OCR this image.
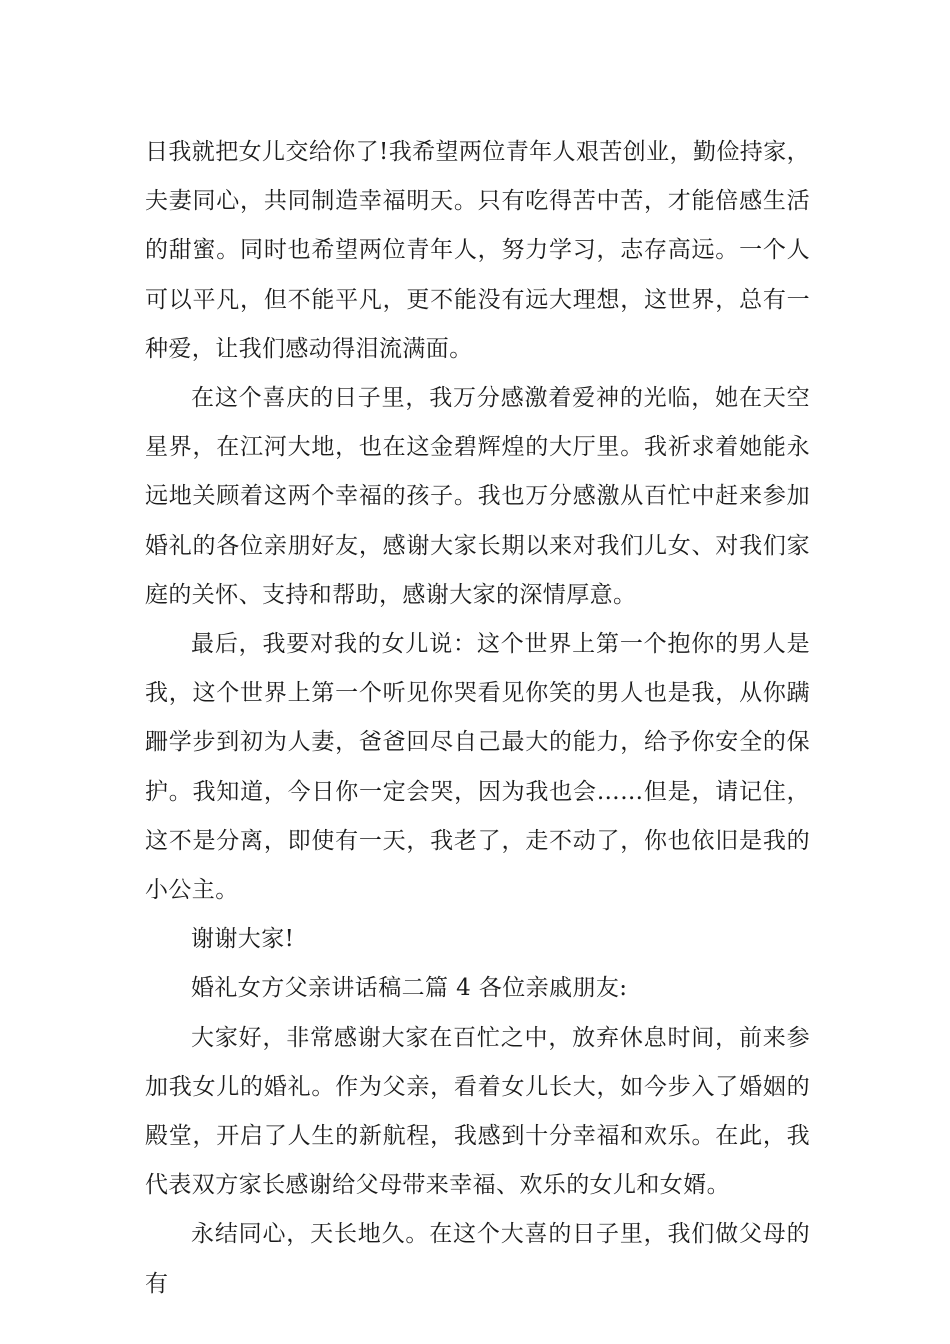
日我就把女儿交给你了!我希望两位青年人艰苦创业，勤俭持家，夫妻同心，共同制造幸福明天。只有吃得苦中苦，才能倍感生活的甜蜜。同时也希望两位青年人，努力学习，志存高远。一个人可以平凡，但不能平凡，更不能没有远大理想，这世界，总有一种爱，让我们感动得泪流满面。

在这个喜庆的日子里，我万分感激着爱神的光临，她在天空星界，在江河大地，也在这金碧辉煌的大厅里。我祈求着她能永远地关顾着这两个幸福的孩子。我也万分感激从百忙中赶来参加婚礼的各位亲朋好友，感谢大家长期以来对我们儿女、对我们家庭的关怀、支持和帮助，感谢大家的深情厚意。

最后，我要对我的女儿说：这个世界上第一个抱你的男人是我，这个世界上第一个听见你哭看见你笑的男人也是我，从你蹒跚学步到初为人妻，爸爸回尽自己最大的能力，给予你安全的保护。我知道，今日你一定会哭，因为我也会……但是，请记住，这不是分离，即使有一天，我老了，走不动了，你也依旧是我的小公主。

谢谢大家!

婚礼女方父亲讲话稿二篇 4 各位亲戚朋友:

大家好，非常感谢大家在百忙之中，放弃休息时间，前来参加我女儿的婚礼。作为父亲，看着女儿长大，如今步入了婚姻的殿堂，开启了人生的新航程，我感到十分幸福和欢乐。在此，我代表双方家长感谢给父母带来幸福、欢乐的女儿和女婿。

永结同心，天长地久。在这个大喜的日子里，我们做父母的有
